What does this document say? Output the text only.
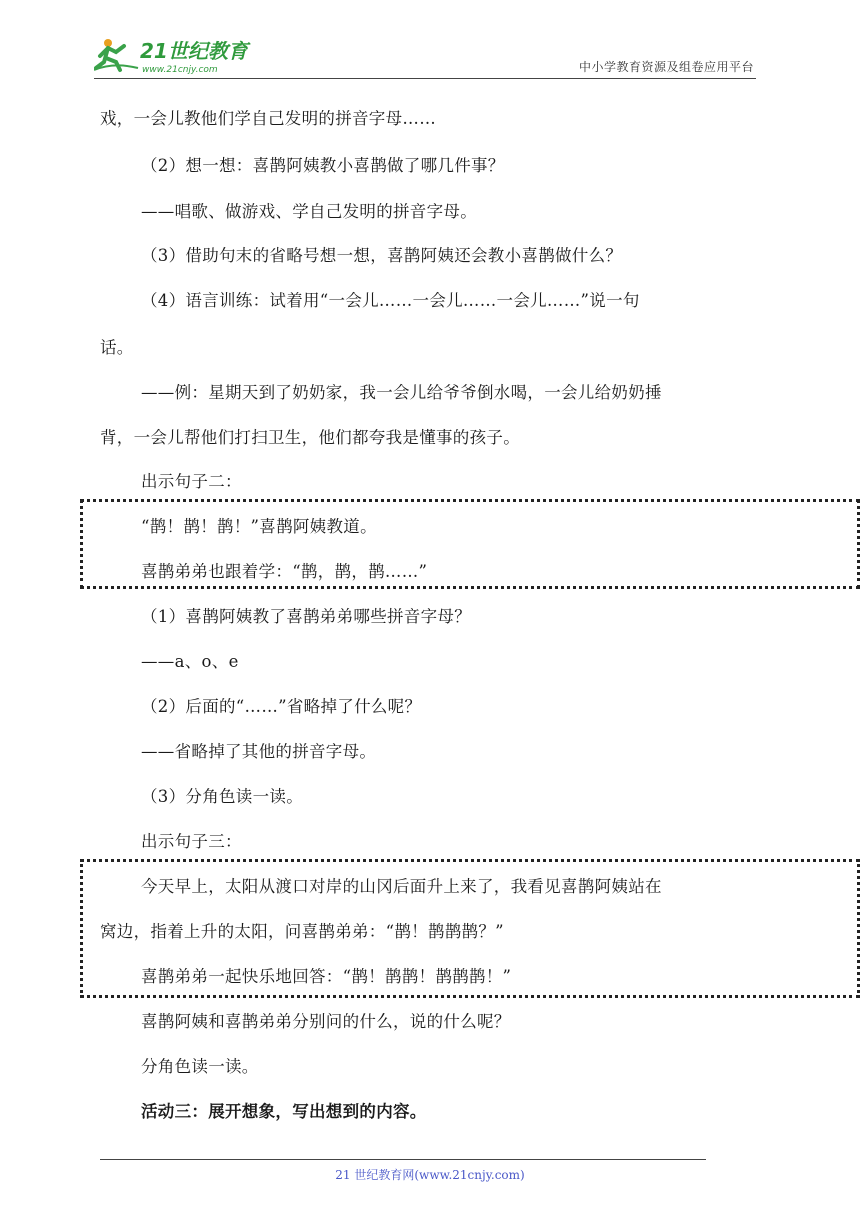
21世纪教育
www.21cnjy.com	中小学教育资源及组卷应用平台
戏，一会儿教他们学自己发明的拼音字母……
（2）想一想：喜鹊阿姨教小喜鹊做了哪几件事？
——唱歌、做游戏、学自己发明的拼音字母。
（3）借助句末的省略号想一想，喜鹊阿姨还会教小喜鹊做什么？
（4）语言训练：试着用“一会儿……一会儿……一会儿……”说一句
话。
——例：星期天到了奶奶家，我一会儿给爷爷倒水喝，一会儿给奶奶捶
背，一会儿帮他们打扫卫生，他们都夸我是懂事的孩子。
出示句子二：
“鹊！鹊！鹊！”喜鹊阿姨教道。
喜鹊弟弟也跟着学：“鹊，鹊，鹊……”
（1）喜鹊阿姨教了喜鹊弟弟哪些拼音字母？
——a、o、e
（2）后面的“……”省略掉了什么呢？
——省略掉了其他的拼音字母。
（3）分角色读一读。
出示句子三：
今天早上，太阳从渡口对岸的山冈后面升上来了，我看见喜鹊阿姨站在
窝边，指着上升的太阳，问喜鹊弟弟：“鹊！鹊鹊鹊？”
喜鹊弟弟一起快乐地回答：“鹊！鹊鹊！鹊鹊鹊！”
喜鹊阿姨和喜鹊弟弟分别问的什么，说的什么呢？
分角色读一读。
活动三：展开想象，写出想到的内容。
21 世纪教育网(www.21cnjy.com)
